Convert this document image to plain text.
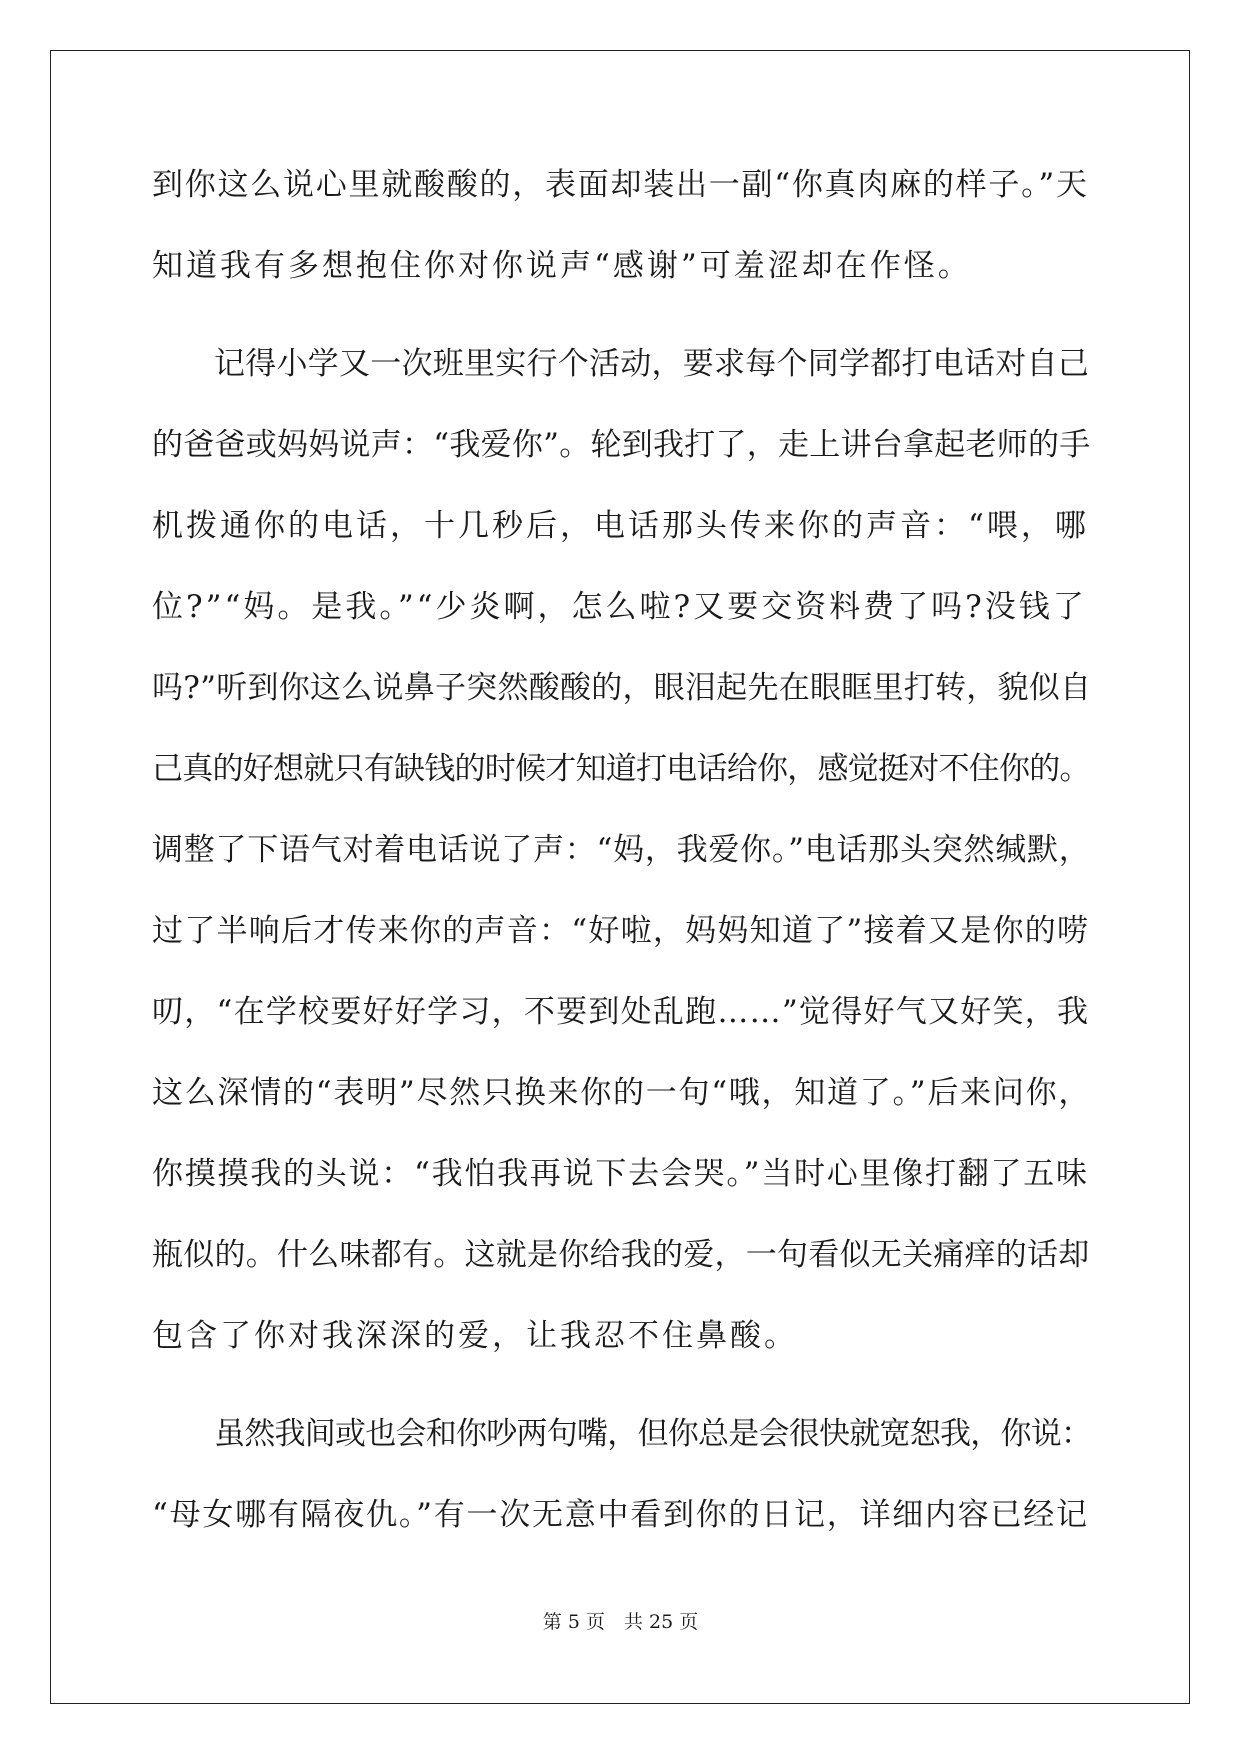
到你这么说心里就酸酸的，表面却装出一副“你真肉麻的样子。”天
知道我有多想抱住你对你说声“感谢”可羞涩却在作怪。
记得小学又一次班里实行个活动，要求每个同学都打电话对自己
的爸爸或妈妈说声：“我爱你”。轮到我打了，走上讲台拿起老师的手
机拨通你的电话，十几秒后，电话那头传来你的声音：“喂，哪
位?”“妈。是我。”“少炎啊，怎么啦?又要交资料费了吗?没钱了
吗?”听到你这么说鼻子突然酸酸的，眼泪起先在眼眶里打转，貌似自
己真的好想就只有缺钱的时候才知道打电话给你，感觉挺对不住你的。
调整了下语气对着电话说了声：“妈，我爱你。”电话那头突然缄默，
过了半响后才传来你的声音：“好啦，妈妈知道了”接着又是你的唠
叨，“在学校要好好学习，不要到处乱跑……”觉得好气又好笑，我
这么深情的“表明”尽然只换来你的一句“哦，知道了。”后来问你，
你摸摸我的头说：“我怕我再说下去会哭。”当时心里像打翻了五味
瓶似的。什么味都有。这就是你给我的爱，一句看似无关痛痒的话却
包含了你对我深深的爱，让我忍不住鼻酸。
虽然我间或也会和你吵两句嘴，但你总是会很快就宽恕我，你说：
“母女哪有隔夜仇。”有一次无意中看到你的日记，详细内容已经记
第 5 页　共 25 页
